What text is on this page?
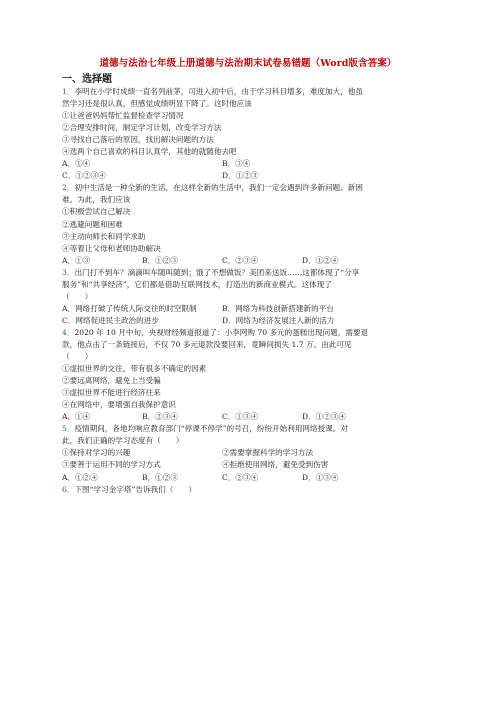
道德与法治七年级上册道德与法治期末试卷易错题（Word版含答案）
一、选择题
1．李明在小学时成绩一直名列前茅，可进入初中后，由于学习科目增多，难度加大，他虽
然学习还是很认真，但感觉成绩明显下降了。这时他应该
①让爸爸妈妈帮忙监督检查学习情况
②合理安排时间，制定学习计划，改变学习方法
③寻找自己落后的原因，找出解决问题的方法
④选两个自己喜欢的科目认真学，其他的就随他去吧
A．①④	B．③④
C．①②③④	D．①②③
2．初中生活是一种全新的生活，在这样全新的生活中，我们一定会遇到许多新问题、新困
难。为此，我们应该
①积极尝试自己解决
②逃避问题和困难
③主动向师长和同学求助
④等着让父母和老师协助解决
A．①③	B．①②③	C．②③④	D．①②④
3．出门打不到车？滴滴叫车随叫随到；饿了不想做饭？美团来送饭……这都体现了“分享
服务”和“共享经济”，它们都是借助互联网技术，打造出的新商业模式。这体现了
（　　）
A．网络打破了传统人际交往的时空限制	B．网络为科技创新搭建新的平台
C．网络促进民主政治的进步	D．网络为经济发展注入新的活力
4．2020 年 10 月中旬，央视财经频道报道了：小李网购 70 多元的蛋糕出现问题，需要退
款，他点击了一条链接后，不仅 70 多元退款没要回来，竟瞬间损失 1.7 万。由此可见
（　　）
①虚拟世界的交往，带有很多不确定的因素
②要远离网络，避免上当受骗
③虚拟世界不能进行经济往来
④在网络中，要增强自我保护意识
A．①④	B．②③④	C．①③④	D．①②③④
5．疫情期间，各地均响应教育部门“停课不停学”的号召，纷纷开始利用网络授课。对
此，我们正确的学习态度有（　　）
①保持对学习的兴趣	②需要掌握科学的学习方法
③要善于运用不同的学习方式	④拒绝使用网络，避免受到伤害
A．①②④	B．①②③	C．②③④	D．①③④
6．下图“学习金字塔”告诉我们（　　）
